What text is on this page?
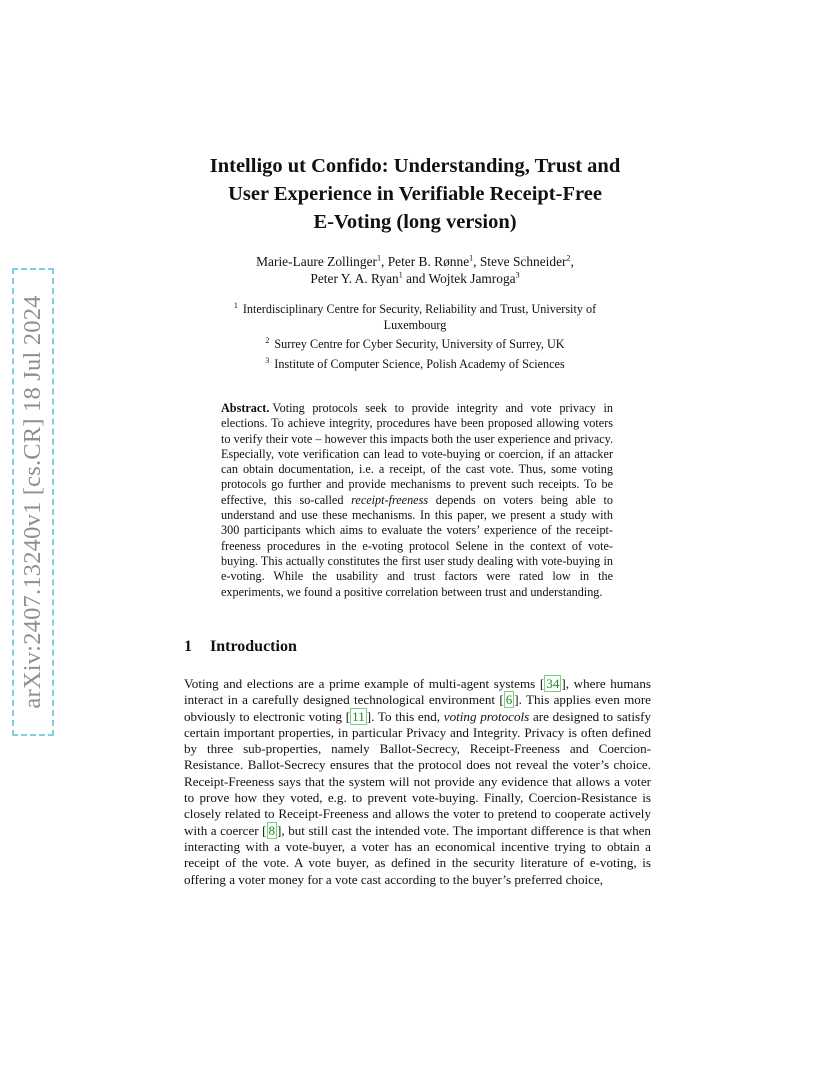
arXiv:2407.13240v1 [cs.CR] 18 Jul 2024
Intelligo ut Confido: Understanding, Trust and
User Experience in Verifiable Receipt-Free
E-Voting (long version)
Marie-Laure Zollinger$^1$, Peter B. Rønne$^1$, Steve Schneider$^2$,
Peter Y. A. Ryan$^1$ and Wojtek Jamroga$^3$
$^1$ Interdisciplinary Centre for Security, Reliability and Trust, University of
Luxembourg
$^2$ Surrey Centre for Cyber Security, University of Surrey, UK
$^3$ Institute of Computer Science, Polish Academy of Sciences
Abstract. Voting protocols seek to provide integrity and vote privacy in elections. To achieve integrity, procedures have been proposed allowing voters to verify their vote – however this impacts both the user experience and privacy. Especially, vote verification can lead to vote-buying or coercion, if an attacker can obtain documentation, i.e. a receipt, of the cast vote. Thus, some voting protocols go further and provide mechanisms to prevent such receipts. To be effective, this so-called receipt-freeness depends on voters being able to understand and use these mechanisms. In this paper, we present a study with 300 participants which aims to evaluate the voters’ experience of the receipt-freeness procedures in the e-voting protocol Selene in the context of vote-buying. This actually constitutes the first user study dealing with vote-buying in e-voting. While the usability and trust factors were rated low in the experiments, we found a positive correlation between trust and understanding.
1 Introduction
Voting and elections are a prime example of multi-agent systems [ 34 ], where humans interact in a carefully designed technological environment [ 6 ]. This applies even more obviously to electronic voting [ 11 ]. To this end, voting protocols are designed to satisfy certain important properties, in particular Privacy and Integrity. Privacy is often defined by three sub-properties, namely Ballot-Secrecy, Receipt-Freeness and Coercion-Resistance. Ballot-Secrecy ensures that the protocol does not reveal the voter’s choice. Receipt-Freeness says that the system will not provide any evidence that allows a voter to prove how they voted, e.g. to prevent vote-buying. Finally, Coercion-Resistance is closely related to Receipt-Freeness and allows the voter to pretend to cooperate actively with a coercer [ 8 ], but still cast the intended vote. The important difference is that when interacting with a vote-buyer, a voter has an economical incentive trying to obtain a receipt of the vote. A vote buyer, as defined in the security literature of e-voting, is offering a voter money for a vote cast according to the buyer’s preferred choice,
